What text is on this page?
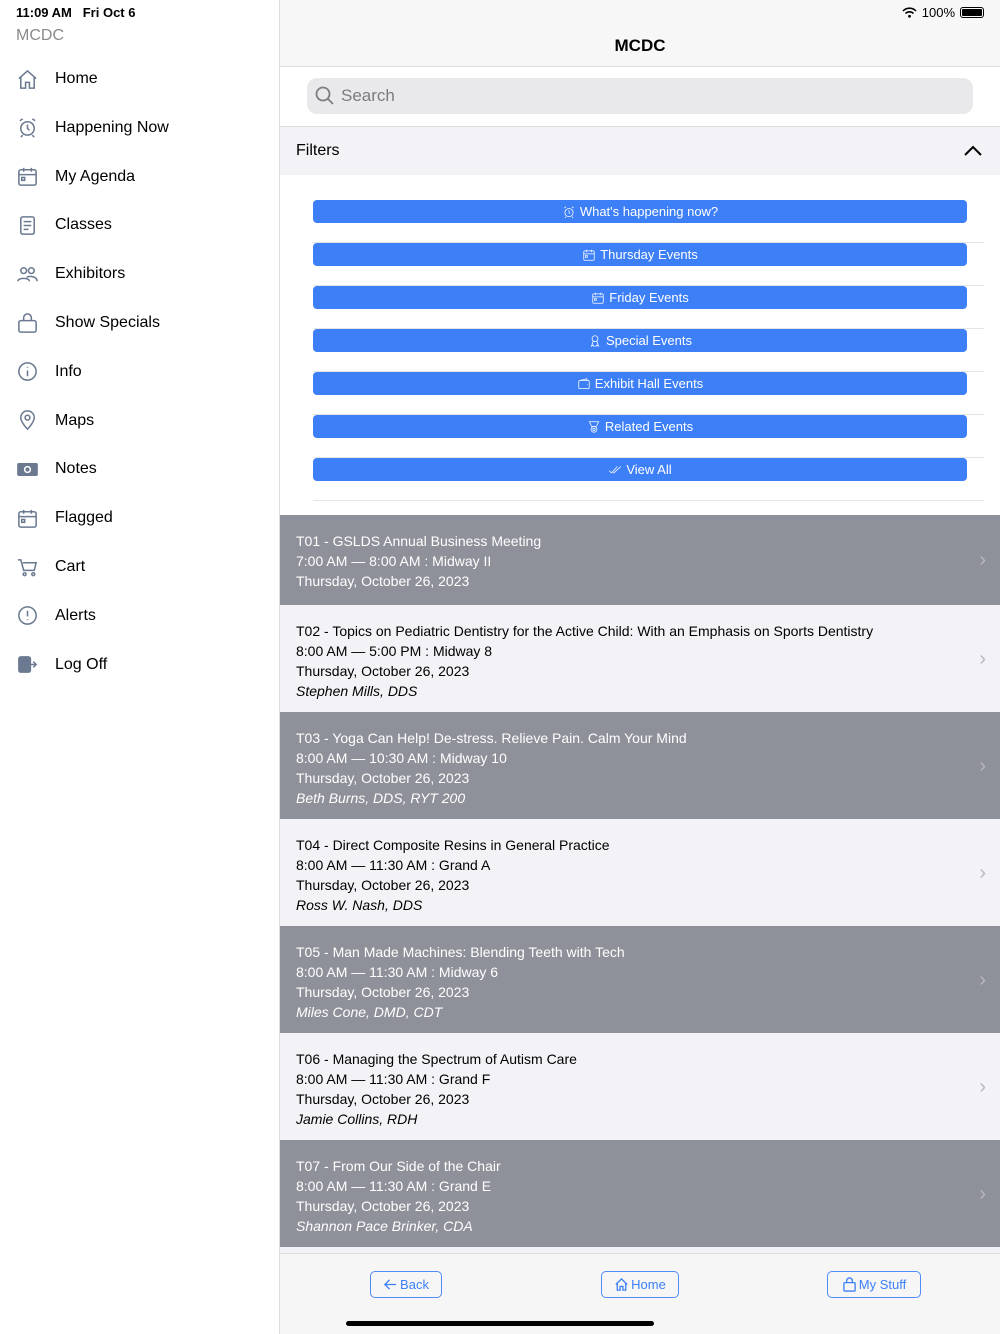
11:09 AM Fri Oct 6
MCDC
Home
Happening Now
My Agenda
Classes
Exhibitors
Show Specials
Info
Maps
Notes
Flagged
Cart
Alerts
Log Off
100%
MCDC
Search
Filters
What's happening now?
Thursday Events
Friday Events
Special Events
Exhibit Hall Events
Related Events
View All
T01 - GSLDS Annual Business Meeting
7:00 AM — 8:00 AM : Midway II
Thursday, October 26, 2023
›
T02 - Topics on Pediatric Dentistry for the Active Child: With an Emphasis on Sports Dentistry
8:00 AM — 5:00 PM : Midway 8
Thursday, October 26, 2023
Stephen Mills, DDS
›
T03 - Yoga Can Help! De-stress. Relieve Pain. Calm Your Mind
8:00 AM — 10:30 AM : Midway 10
Thursday, October 26, 2023
Beth Burns, DDS, RYT 200
›
T04 - Direct Composite Resins in General Practice
8:00 AM — 11:30 AM : Grand A
Thursday, October 26, 2023
Ross W. Nash, DDS
›
T05 - Man Made Machines: Blending Teeth with Tech
8:00 AM — 11:30 AM : Midway 6
Thursday, October 26, 2023
Miles Cone, DMD, CDT
›
T06 - Managing the Spectrum of Autism Care
8:00 AM — 11:30 AM : Grand F
Thursday, October 26, 2023
Jamie Collins, RDH
›
T07 - From Our Side of the Chair
8:00 AM — 11:30 AM : Grand E
Thursday, October 26, 2023
Shannon Pace Brinker, CDA
›
Back	Home	My Stuff
